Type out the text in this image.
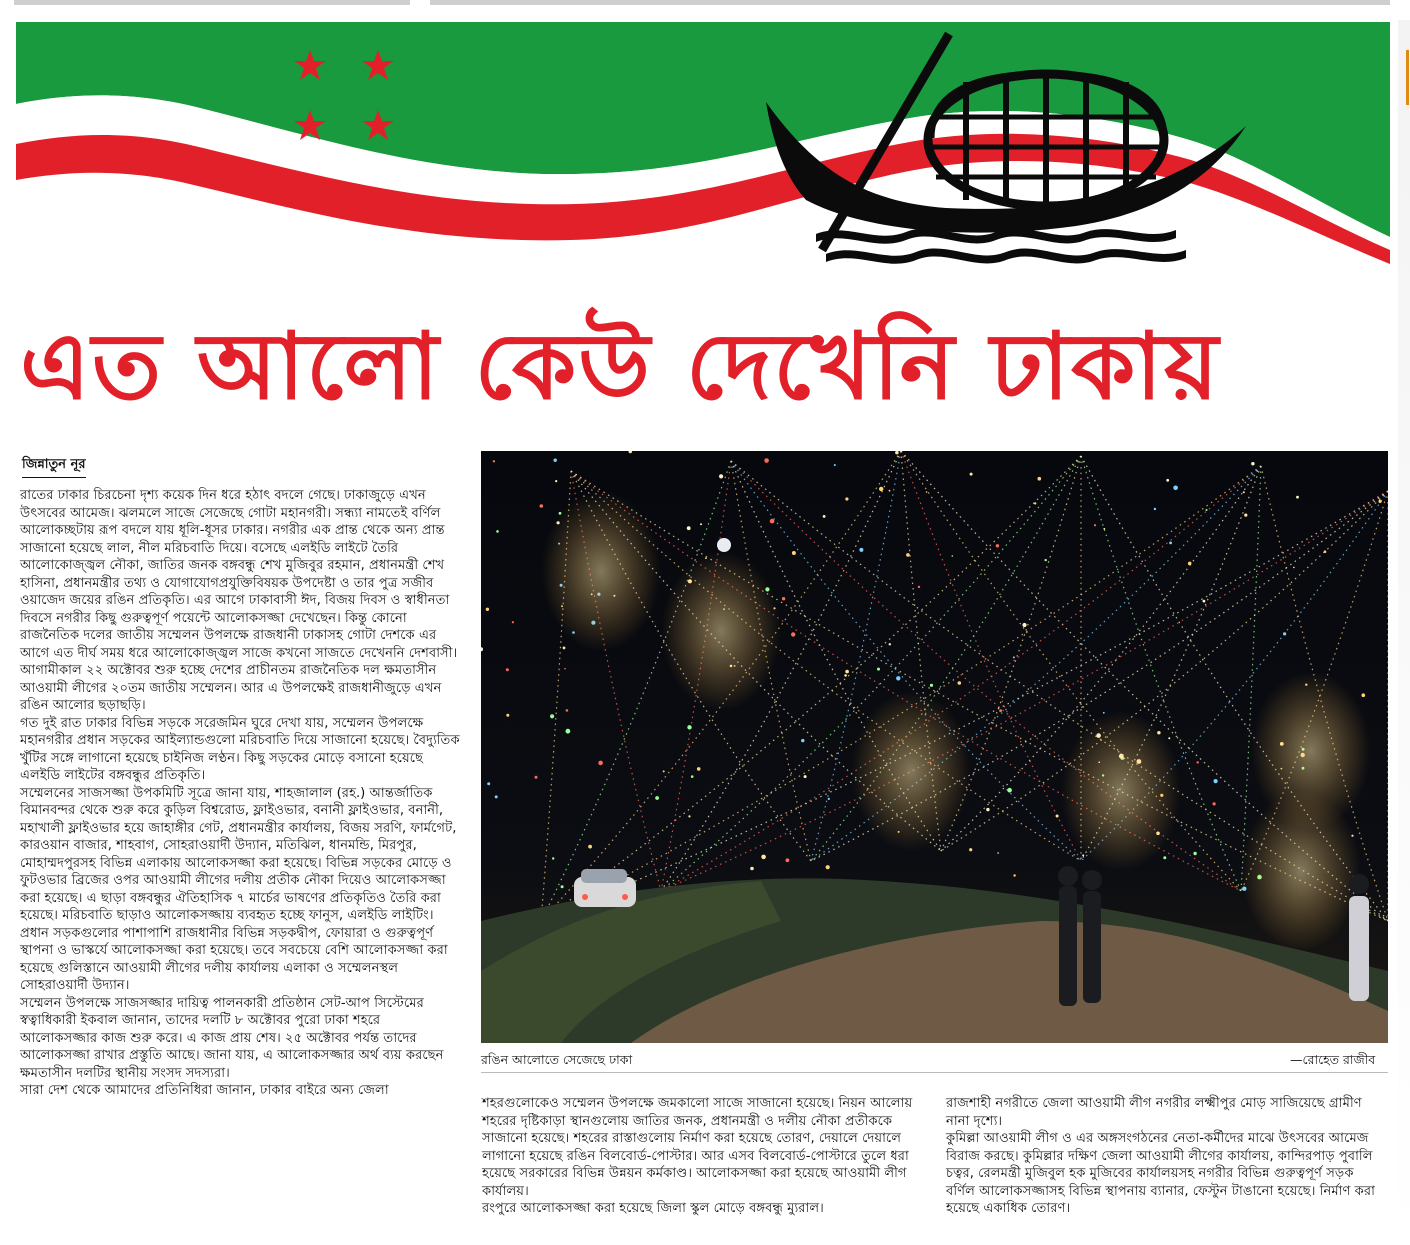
এত আলো কেউ দেখেনি ঢাকায়
জিন্নাতুন নূর

রাতের ঢাকার চিরচেনা দৃশ্য কয়েক দিন ধরে হঠাৎ বদলে গেছে। ঢাকাজুড়ে এখন উৎসবের আমেজ। ঝলমলে সাজে সেজেছে গোটা মহানগরী। সন্ধ্যা নামতেই বর্ণিল আলোকচ্ছটায় রূপ বদলে যায় ধূলি-ধূসর ঢাকার। নগরীর এক প্রান্ত থেকে অন্য প্রান্ত সাজানো হয়েছে লাল, নীল মরিচবাতি দিয়ে। বসেছে এলইডি লাইটে তৈরি আলোকোজ্জ্বল নৌকা, জাতির জনক বঙ্গবন্ধু শেখ মুজিবুর রহমান, প্রধানমন্ত্রী শেখ হাসিনা, প্রধানমন্ত্রীর তথ্য ও যোগাযোগপ্রযুক্তিবিষয়ক উপদেষ্টা ও তার পুত্র সজীব ওয়াজেদ জয়ের রঙিন প্রতিকৃতি। এর আগে ঢাকাবাসী ঈদ, বিজয় দিবস ও স্বাধীনতা দিবসে নগরীর কিছু গুরুত্বপূর্ণ পয়েন্টে আলোকসজ্জা দেখেছেন। কিন্তু কোনো রাজনৈতিক দলের জাতীয় সম্মেলন উপলক্ষে রাজধানী ঢাকাসহ গোটা দেশকে এর আগে এত দীর্ঘ সময় ধরে আলোকোজ্জ্বল সাজে কখনো সাজতে দেখেননি দেশবাসী। আগামীকাল ২২ অক্টোবর শুরু হচ্ছে দেশের প্রাচীনতম রাজনৈতিক দল ক্ষমতাসীন আওয়ামী লীগের ২০তম জাতীয় সম্মেলন। আর এ উপলক্ষেই রাজধানীজুড়ে এখন রঙিন আলোর ছড়াছড়ি।

গত দুই রাত ঢাকার বিভিন্ন সড়কে সরেজমিন ঘুরে দেখা যায়, সম্মেলন উপলক্ষে মহানগরীর প্রধান সড়কের আইল্যান্ডগুলো মরিচবাতি দিয়ে সাজানো হয়েছে। বৈদ্যুতিক খুঁটির সঙ্গে লাগানো হয়েছে চাইনিজ লণ্ঠন। কিছু সড়কের মোড়ে বসানো হয়েছে এলইডি লাইটের বঙ্গবন্ধুর প্রতিকৃতি।

সম্মেলনের সাজসজ্জা উপকমিটি সূত্রে জানা যায়, শাহজালাল (রহ.) আন্তর্জাতিক বিমানবন্দর থেকে শুরু করে কুড়িল বিশ্বরোড, ফ্লাইওভার, বনানী ফ্লাইওভার, বনানী, মহাখালী ফ্লাইওভার হয়ে জাহাঙ্গীর গেট, প্রধানমন্ত্রীর কার্যালয়, বিজয় সরণি, ফার্মগেট, কারওয়ান বাজার, শাহবাগ, সোহরাওয়ার্দী উদ্যান, মতিঝিল, ধানমন্ডি, মিরপুর, মোহাম্মদপুরসহ বিভিন্ন এলাকায় আলোকসজ্জা করা হয়েছে। বিভিন্ন সড়কের মোড়ে ও ফুটওভার ব্রিজের ওপর আওয়ামী লীগের দলীয় প্রতীক নৌকা দিয়েও আলোকসজ্জা করা হয়েছে। এ ছাড়া বঙ্গবন্ধুর ঐতিহাসিক ৭ মার্চের ভাষণের প্রতিকৃতিও তৈরি করা হয়েছে। মরিচবাতি ছাড়াও আলোকসজ্জায় ব্যবহৃত হচ্ছে ফানুস, এলইডি লাইটিং। প্রধান সড়কগুলোর পাশাপাশি রাজধানীর বিভিন্ন সড়কদ্বীপ, ফোয়ারা ও গুরুত্বপূর্ণ স্থাপনা ও ভাস্কর্যে আলোকসজ্জা করা হয়েছে। তবে সবচেয়ে বেশি আলোকসজ্জা করা হয়েছে গুলিস্তানে আওয়ামী লীগের দলীয় কার্যালয় এলাকা ও সম্মেলনস্থল সোহরাওয়ার্দী উদ্যান।

সম্মেলন উপলক্ষে সাজসজ্জার দায়িত্ব পালনকারী প্রতিষ্ঠান সেট-আপ সিস্টেমের স্বত্বাধিকারী ইকবাল জানান, তাদের দলটি ৮ অক্টোবর পুরো ঢাকা শহরে আলোকসজ্জার কাজ শুরু করে। এ কাজ প্রায় শেষ। ২৫ অক্টোবর পর্যন্ত তাদের আলোকসজ্জা রাখার প্রস্তুতি আছে। জানা যায়, এ আলোকসজ্জার অর্থ ব্যয় করছেন ক্ষমতাসীন দলটির স্থানীয় সংসদ সদস্যরা।

সারা দেশ থেকে আমাদের প্রতিনিধিরা জানান, ঢাকার বাইরে অন্য জেলা

রঙিন আলোতে সেজেছে ঢাকা	—রোহেত রাজীব

শহরগুলোকেও সম্মেলন উপলক্ষে জমকালো সাজে সাজানো হয়েছে। নিয়ন আলোয় শহরের দৃষ্টিকাড়া স্থানগুলোয় জাতির জনক, প্রধানমন্ত্রী ও দলীয় নৌকা প্রতীককে সাজানো হয়েছে। শহরের রাস্তাগুলোয় নির্মাণ করা হয়েছে তোরণ, দেয়ালে দেয়ালে লাগানো হয়েছে রঙিন বিলবোর্ড-পোস্টার। আর এসব বিলবোর্ড-পোস্টারে তুলে ধরা হয়েছে সরকারের বিভিন্ন উন্নয়ন কর্মকাণ্ড। আলোকসজ্জা করা হয়েছে আওয়ামী লীগ কার্যালয়।

রংপুরে আলোকসজ্জা করা হয়েছে জিলা স্কুল মোড়ে বঙ্গবন্ধু ম্যুরাল।

রাজশাহী নগরীতে জেলা আওয়ামী লীগ নগরীর লক্ষ্মীপুর মোড় সাজিয়েছে গ্রামীণ নানা দৃশ্যে।

কুমিল্লা আওয়ামী লীগ ও এর অঙ্গসংগঠনের নেতা-কর্মীদের মাঝে উৎসবের আমেজ বিরাজ করছে। কুমিল্লার দক্ষিণ জেলা আওয়ামী লীগের কার্যালয়, কান্দিরপাড় পুবালি চত্বর, রেলমন্ত্রী মুজিবুল হক মুজিবের কার্যালয়সহ নগরীর বিভিন্ন গুরুত্বপূর্ণ সড়ক বর্ণিল আলোকসজ্জাসহ বিভিন্ন স্থাপনায় ব্যানার, ফেস্টুন টাঙানো হয়েছে। নির্মাণ করা হয়েছে একাধিক তোরণ।
